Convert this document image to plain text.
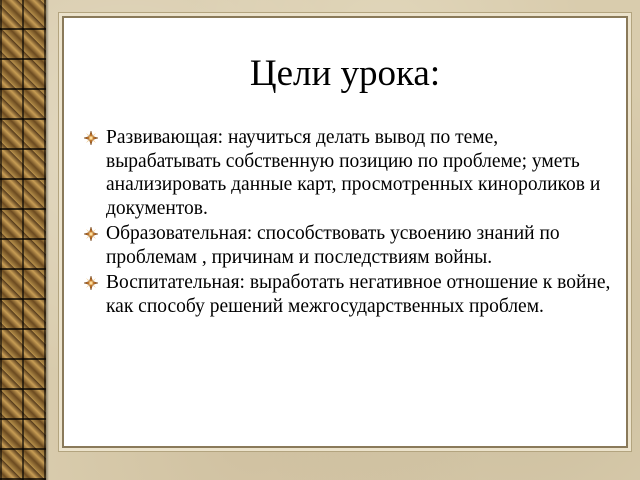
Цели урока:
Развивающая: научиться делать вывод по теме, вырабатывать собственную позицию по проблеме; уметь анализировать данные карт, просмотренных кинороликов и документов.
Образовательная: способствовать усвоению знаний по проблемам , причинам и последствиям войны.
Воспитательная: выработать негативное отношение к войне, как способу решений межгосударственных проблем.
